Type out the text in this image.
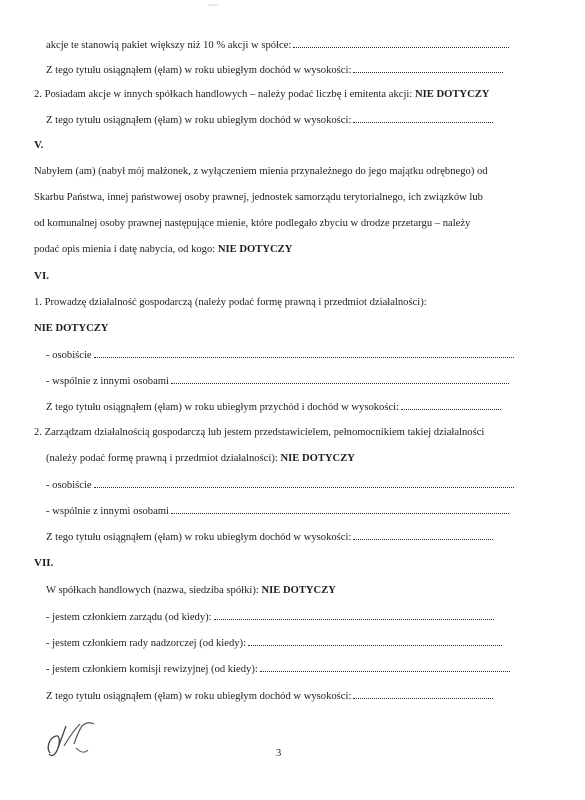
akcje te stanowią pakiet większy niż 10 % akcji w spółce:
Z tego tytułu osiągnąłem (ęłam) w roku ubiegłym dochód w wysokości:
2. Posiadam akcje w innych spółkach handlowych – należy podać liczbę i emitenta akcji: NIE DOTYCZY
Z tego tytułu osiągnąłem (ęłam) w roku ubiegłym dochód w wysokości:
V.
Nabyłem (am) (nabył mój małżonek, z wyłączeniem mienia przynależnego do jego majątku odrębnego) od
Skarbu Państwa, innej państwowej osoby prawnej, jednostek samorządu terytorialnego, ich związków lub
od komunalnej osoby prawnej następujące mienie, które podlegało zbyciu w drodze przetargu – należy
podać opis mienia i datę nabycia, od kogo: NIE DOTYCZY
VI.
1. Prowadzę działalność gospodarczą (należy podać formę prawną i przedmiot działalności):
NIE DOTYCZY
- osobiście
- wspólnie z innymi osobami
Z tego tytułu osiągnąłem (ęłam) w roku ubiegłym przychód i dochód w wysokości:
2. Zarządzam działalnością gospodarczą lub jestem przedstawicielem, pełnomocnikiem takiej działalności
(należy podać formę prawną i przedmiot działalności): NIE DOTYCZY
- osobiście
- wspólnie z innymi osobami
Z tego tytułu osiągnąłem (ęłam) w roku ubiegłym dochód w wysokości:
VII.
W spółkach handlowych (nazwa, siedziba spółki): NIE DOTYCZY
- jestem członkiem zarządu (od kiedy):
- jestem członkiem rady nadzorczej (od kiedy):
- jestem członkiem komisji rewizyjnej (od kiedy):
Z tego tytułu osiągnąłem (ęłam) w roku ubiegłym dochód w wysokości:
3
